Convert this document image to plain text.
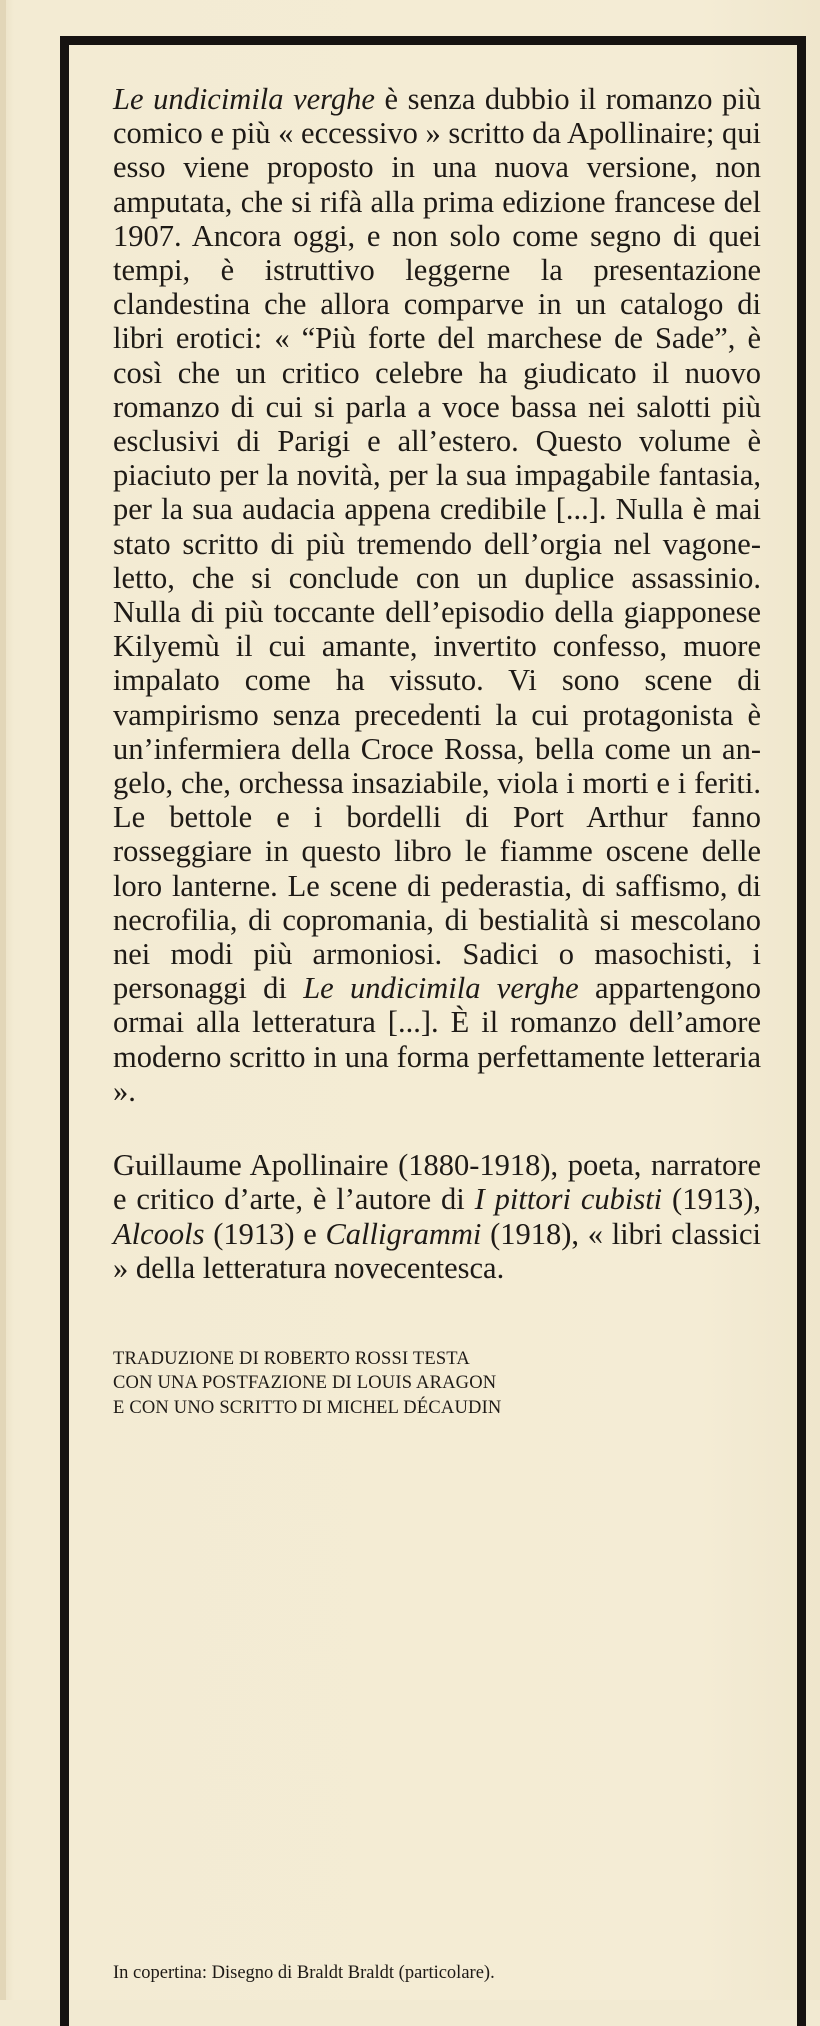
Le undicimila verghe è senza dubbio il romanzo più comico e più « eccessivo » scritto da Apollinaire; qui esso viene proposto in una nuova versione, non amputata, che si rifà alla prima edizione francese del 1907. Ancora oggi, e non solo come segno di quei tempi, è istruttivo leggerne la presentazione clandestina che allora comparve in un catalogo di libri erotici: « “Più forte del marchese de Sade”, è così che un critico celebre ha giudicato il nuovo romanzo di cui si parla a voce bassa nei salotti più esclusivi di Parigi e all’estero. Questo volume è piaciuto per la novità, per la sua impagabile fantasia, per la sua audacia appena credibile [...]. Nulla è mai stato scritto di più tremendo dell’orgia nel vagone-letto, che si conclude con un duplice assassinio. Nulla di più toccante dell’episodio della giapponese Kilyemù il cui amante, invertito confesso, muore impalato come ha vissuto. Vi sono scene di vampirismo senza precedenti la cui protagonista è un’infermiera della Croce Rossa, bella come un angelo, che, orchessa insaziabile, viola i morti e i feriti. Le bettole e i bordelli di Port Arthur fanno rosseggiare in questo libro le fiamme oscene delle loro lanterne. Le scene di pederastia, di saffismo, di necrofilia, di copromania, di bestialità si mescolano nei modi più armoniosi. Sadici o masochisti, i personaggi di Le undicimila verghe appartengono ormai alla letteratura [...]. È il romanzo dell’amore moderno scritto in una forma perfettamente letteraria ».

Guillaume Apollinaire (1880-1918), poeta, narratore e critico d’arte, è l’autore di I pittori cubisti (1913), Alcools (1913) e Calligrammi (1918), « libri classici » della letteratura novecentesca.

TRADUZIONE DI ROBERTO ROSSI TESTA
CON UNA POSTFAZIONE DI LOUIS ARAGON
E CON UNO SCRITTO DI MICHEL DÉCAUDIN
In copertina: Disegno di Braldt Braldt (particolare).
